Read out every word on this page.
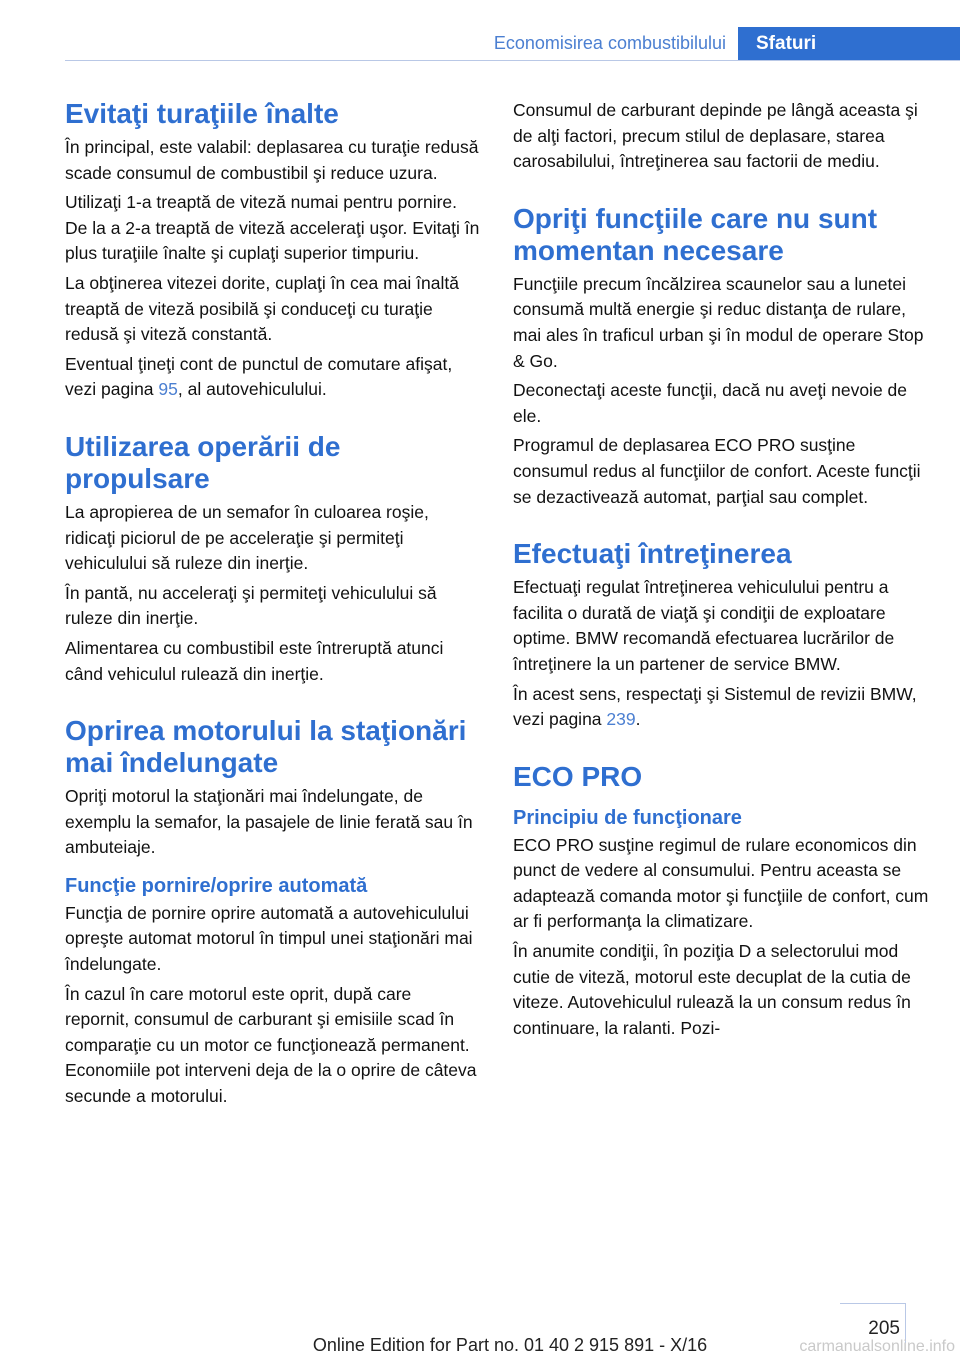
Economisirea combustibilului	Sfaturi
Evitaţi turaţiile înalte

În principal, este valabil: deplasarea cu turaţie redusă scade consumul de combustibil şi reduce uzura.

Utilizaţi 1-a treaptă de viteză numai pentru pornire. De la a 2-a treaptă de viteză acceleraţi uşor. Evitaţi în plus turaţiile înalte şi cuplaţi superior timpuriu.

La obţinerea vitezei dorite, cuplaţi în cea mai înaltă treaptă de viteză posibilă şi conduceţi cu turaţie redusă şi viteză constantă.

Eventual ţineţi cont de punctul de comutare afişat, vezi pagina 95, al autovehiculului.

Utilizarea operării de propulsare

La apropierea de un semafor în culoarea roşie, ridicaţi piciorul de pe acceleraţie şi permiteţi vehiculului să ruleze din inerţie.

În pantă, nu acceleraţi şi permiteţi vehiculului să ruleze din inerţie.

Alimentarea cu combustibil este întreruptă atunci când vehiculul rulează din inerţie.

Oprirea motorului la staţionări mai îndelungate

Opriţi motorul la staţionări mai îndelungate, de exemplu la semafor, la pasajele de linie ferată sau în ambuteiaje.

Funcţie pornire/oprire automată

Funcţia de pornire oprire automată a autovehiculului opreşte automat motorul în timpul unei staţionări mai îndelungate.

În cazul în care motorul este oprit, după care repornit, consumul de carburant şi emisiile scad în comparaţie cu un motor ce funcţionează permanent. Economiile pot interveni deja de la o oprire de câteva secunde a motorului.

Consumul de carburant depinde pe lângă aceasta şi de alţi factori, precum stilul de deplasare, starea carosabilului, întreţinerea sau factorii de mediu.

Opriţi funcţiile care nu sunt momentan necesare

Funcţiile precum încălzirea scaunelor sau a lunetei consumă multă energie şi reduc distanţa de rulare, mai ales în traficul urban şi în modul de operare Stop & Go.

Deconectaţi aceste funcţii, dacă nu aveţi nevoie de ele.

Programul de deplasarea ECO PRO susţine consumul redus al funcţiilor de confort. Aceste funcţii se dezactivează automat, parţial sau complet.

Efectuaţi întreţinerea

Efectuaţi regulat întreţinerea vehiculului pentru a facilita o durată de viaţă şi condiţii de exploatare optime. BMW recomandă efectuarea lucrărilor de întreţinere la un partener de service BMW.

În acest sens, respectaţi şi Sistemul de revizii BMW, vezi pagina 239.

ECO PRO
Principiu de funcţionare

ECO PRO susţine regimul de rulare economicos din punct de vedere al consumului. Pentru aceasta se adaptează comanda motor şi funcţiile de confort, cum ar fi performanţa la climatizare.

În anumite condiţii, în poziţia D a selectorului mod cutie de viteză, motorul este decuplat de la cutia de viteze. Autovehiculul rulează la un consum redus în continuare, la ralanti. Pozi-

205
Online Edition for Part no. 01 40 2 915 891 - X/16	carmanualsonline.info
